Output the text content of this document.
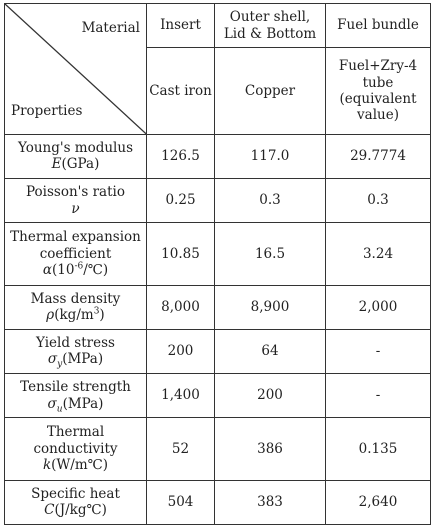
Material
Properties	Insert	Outer shell, Lid & Bottom	Fuel bundle
	Cast iron	Copper	Fuel+Zry-4 tube (equivalent value)

Young's modulus
E(GPa)	126.5	117.0	29.7774

Poisson's ratio
ν	0.25	0.3	0.3

Thermal expansion coefficient
$\alpha(10^{-6}/℃)$	10.85	16.5	3.24

Mass density
$\rho(kg/m^3)$	8,000	8,900	2,000

Yield stress
$\sigma_y(MPa)$	200	64	-

Tensile strength
$\sigma_u(MPa)$	1,400	200	-

Thermal conductivity
k(W/m℃)	52	386	0.135

Specific heat
C(J/kg℃)	504	383	2,640
